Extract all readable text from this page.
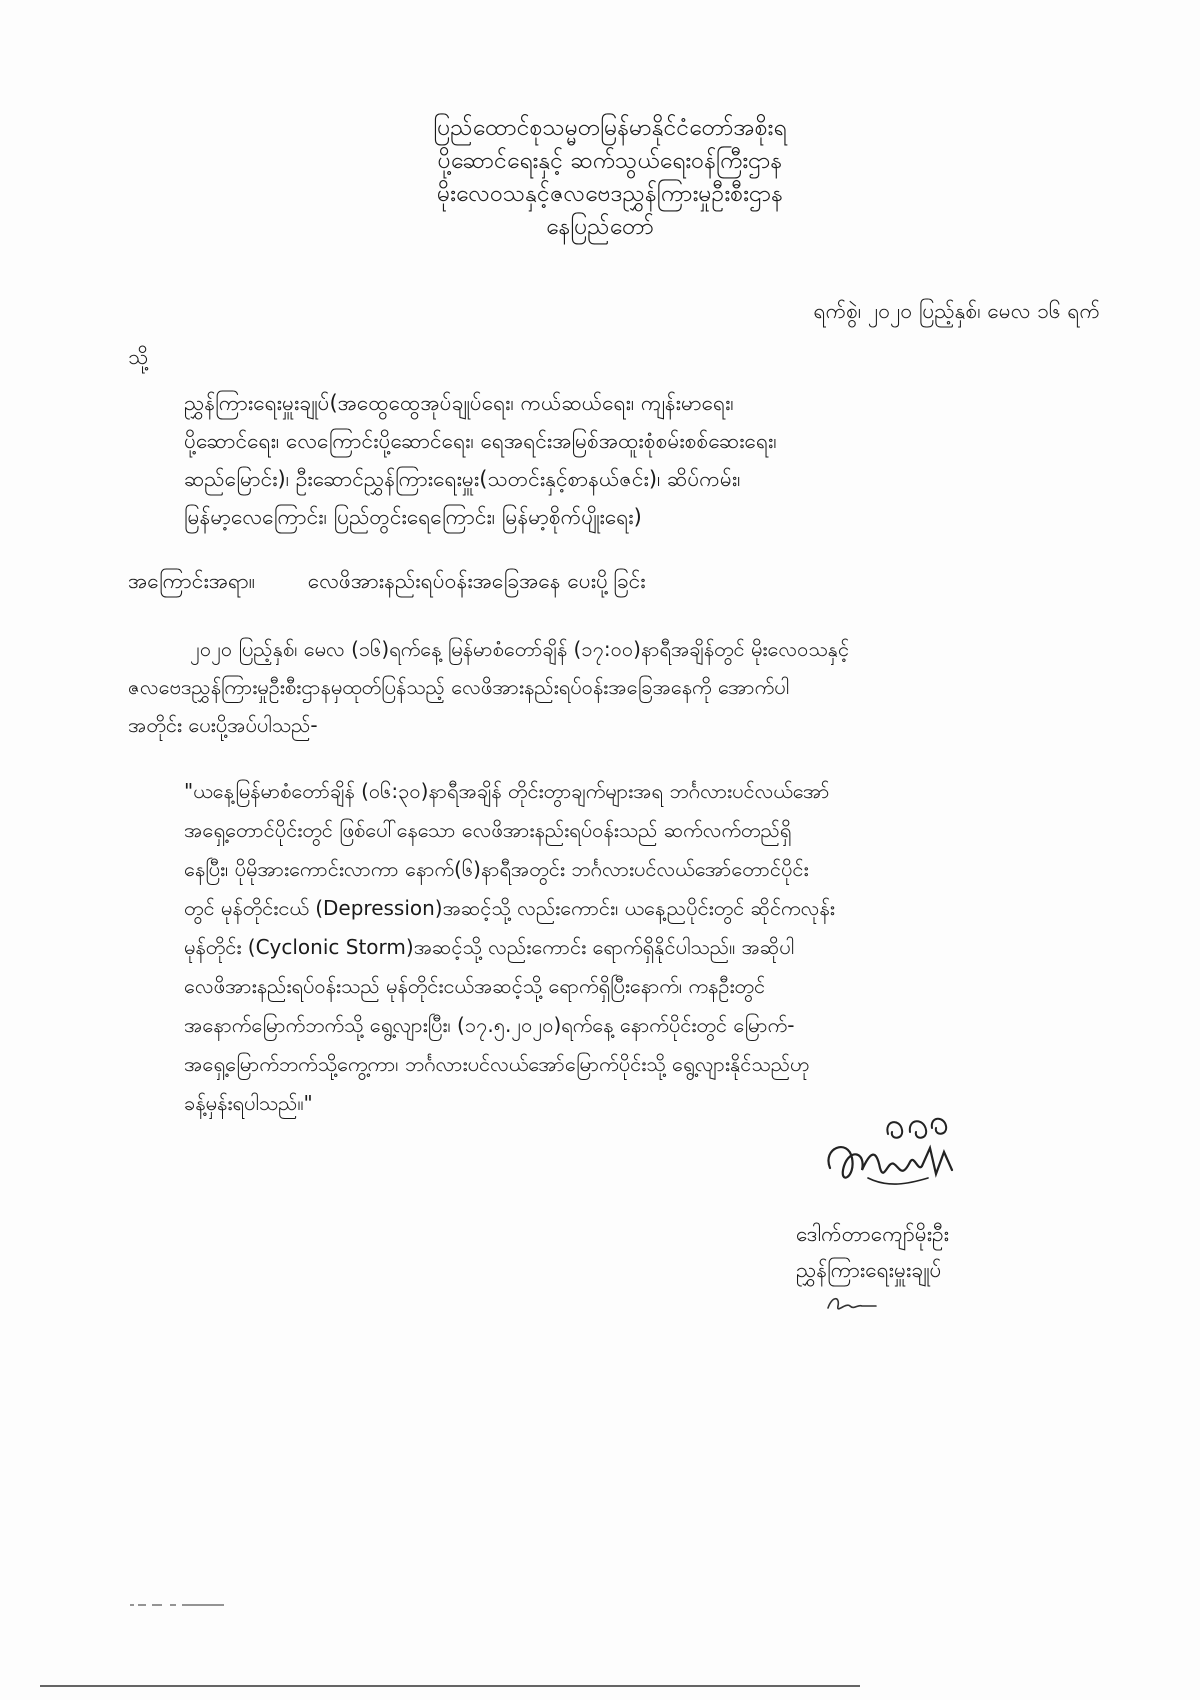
ပြည်ထောင်စုသမ္မတမြန်မာနိုင်ငံတော်အစိုးရ
ပို့ဆောင်ရေးနှင့် ဆက်သွယ်ရေးဝန်ကြီးဌာန
မိုးလေဝသနှင့်ဇလဗေဒညွှန်ကြားမှုဦးစီးဌာန
နေပြည်တော်
ရက်စွဲ၊ ၂၀၂၀ ပြည့်နှစ်၊ မေလ ၁၆ ရက်
သို့
ညွှန်ကြားရေးမှူးချုပ်(အထွေထွေအုပ်ချုပ်ရေး၊ ကယ်ဆယ်ရေး၊ ကျန်းမာရေး၊
ပို့ဆောင်ရေး၊ လေကြောင်းပို့ဆောင်ရေး၊ ရေအရင်းအမြစ်အထူးစုံစမ်းစစ်ဆေးရေး၊
ဆည်မြောင်း)၊ ဦးဆောင်ညွှန်ကြားရေးမှူး(သတင်းနှင့်စာနယ်ဇင်း)၊ ဆိပ်ကမ်း၊
မြန်မာ့လေကြောင်း၊ ပြည်တွင်းရေကြောင်း၊ မြန်မာ့စိုက်ပျိုးရေး)
အကြောင်းအရာ။	လေဖိအားနည်းရပ်ဝန်းအခြေအနေ ပေးပို့ခြင်း
၂၀၂၀ ပြည့်နှစ်၊ မေလ (၁၆)ရက်နေ့ မြန်မာစံတော်ချိန် (၁၇:၀၀)နာရီအချိန်တွင် မိုးလေဝသနှင့်
ဇလဗေဒညွှန်ကြားမှုဦးစီးဌာနမှထုတ်ပြန်သည့် လေဖိအားနည်းရပ်ဝန်းအခြေအနေကို အောက်ပါ
အတိုင်း ပေးပို့အပ်ပါသည်-
"ယနေ့မြန်မာစံတော်ချိန် (၀၆:၃၀)နာရီအချိန် တိုင်းတွာချက်များအရ ဘင်္ဂလားပင်လယ်အော်
အရှေ့တောင်ပိုင်းတွင် ဖြစ်ပေါ်နေသော လေဖိအားနည်းရပ်ဝန်းသည် ဆက်လက်တည်ရှိ
နေပြီး၊ ပိုမိုအားကောင်းလာကာ နောက်(၆)နာရီအတွင်း ဘင်္ဂလားပင်လယ်အော်တောင်ပိုင်း
တွင် မုန်တိုင်းငယ် (Depression)အဆင့်သို့ လည်းကောင်း၊ ယနေ့ညပိုင်းတွင် ဆိုင်ကလုန်း
မုန်တိုင်း (Cyclonic Storm)အဆင့်သို့ လည်းကောင်း ရောက်ရှိနိုင်ပါသည်။ အဆိုပါ
လေဖိအားနည်းရပ်ဝန်းသည် မုန်တိုင်းငယ်အဆင့်သို့ ရောက်ရှိပြီးနောက်၊ ကနဦးတွင်
အနောက်မြောက်ဘက်သို့ ရွေ့လျားပြီး၊ (၁၇.၅.၂၀၂၀)ရက်နေ့ နောက်ပိုင်းတွင် မြောက်-
အရှေ့မြောက်ဘက်သို့ကွေ့ကာ၊ ဘင်္ဂလားပင်လယ်အော်မြောက်ပိုင်းသို့ ရွေ့လျားနိုင်သည်ဟု
ခန့်မှန်းရပါသည်။"
ဒေါက်တာကျော်မိုးဦး
ညွှန်ကြားရေးမှူးချုပ်
